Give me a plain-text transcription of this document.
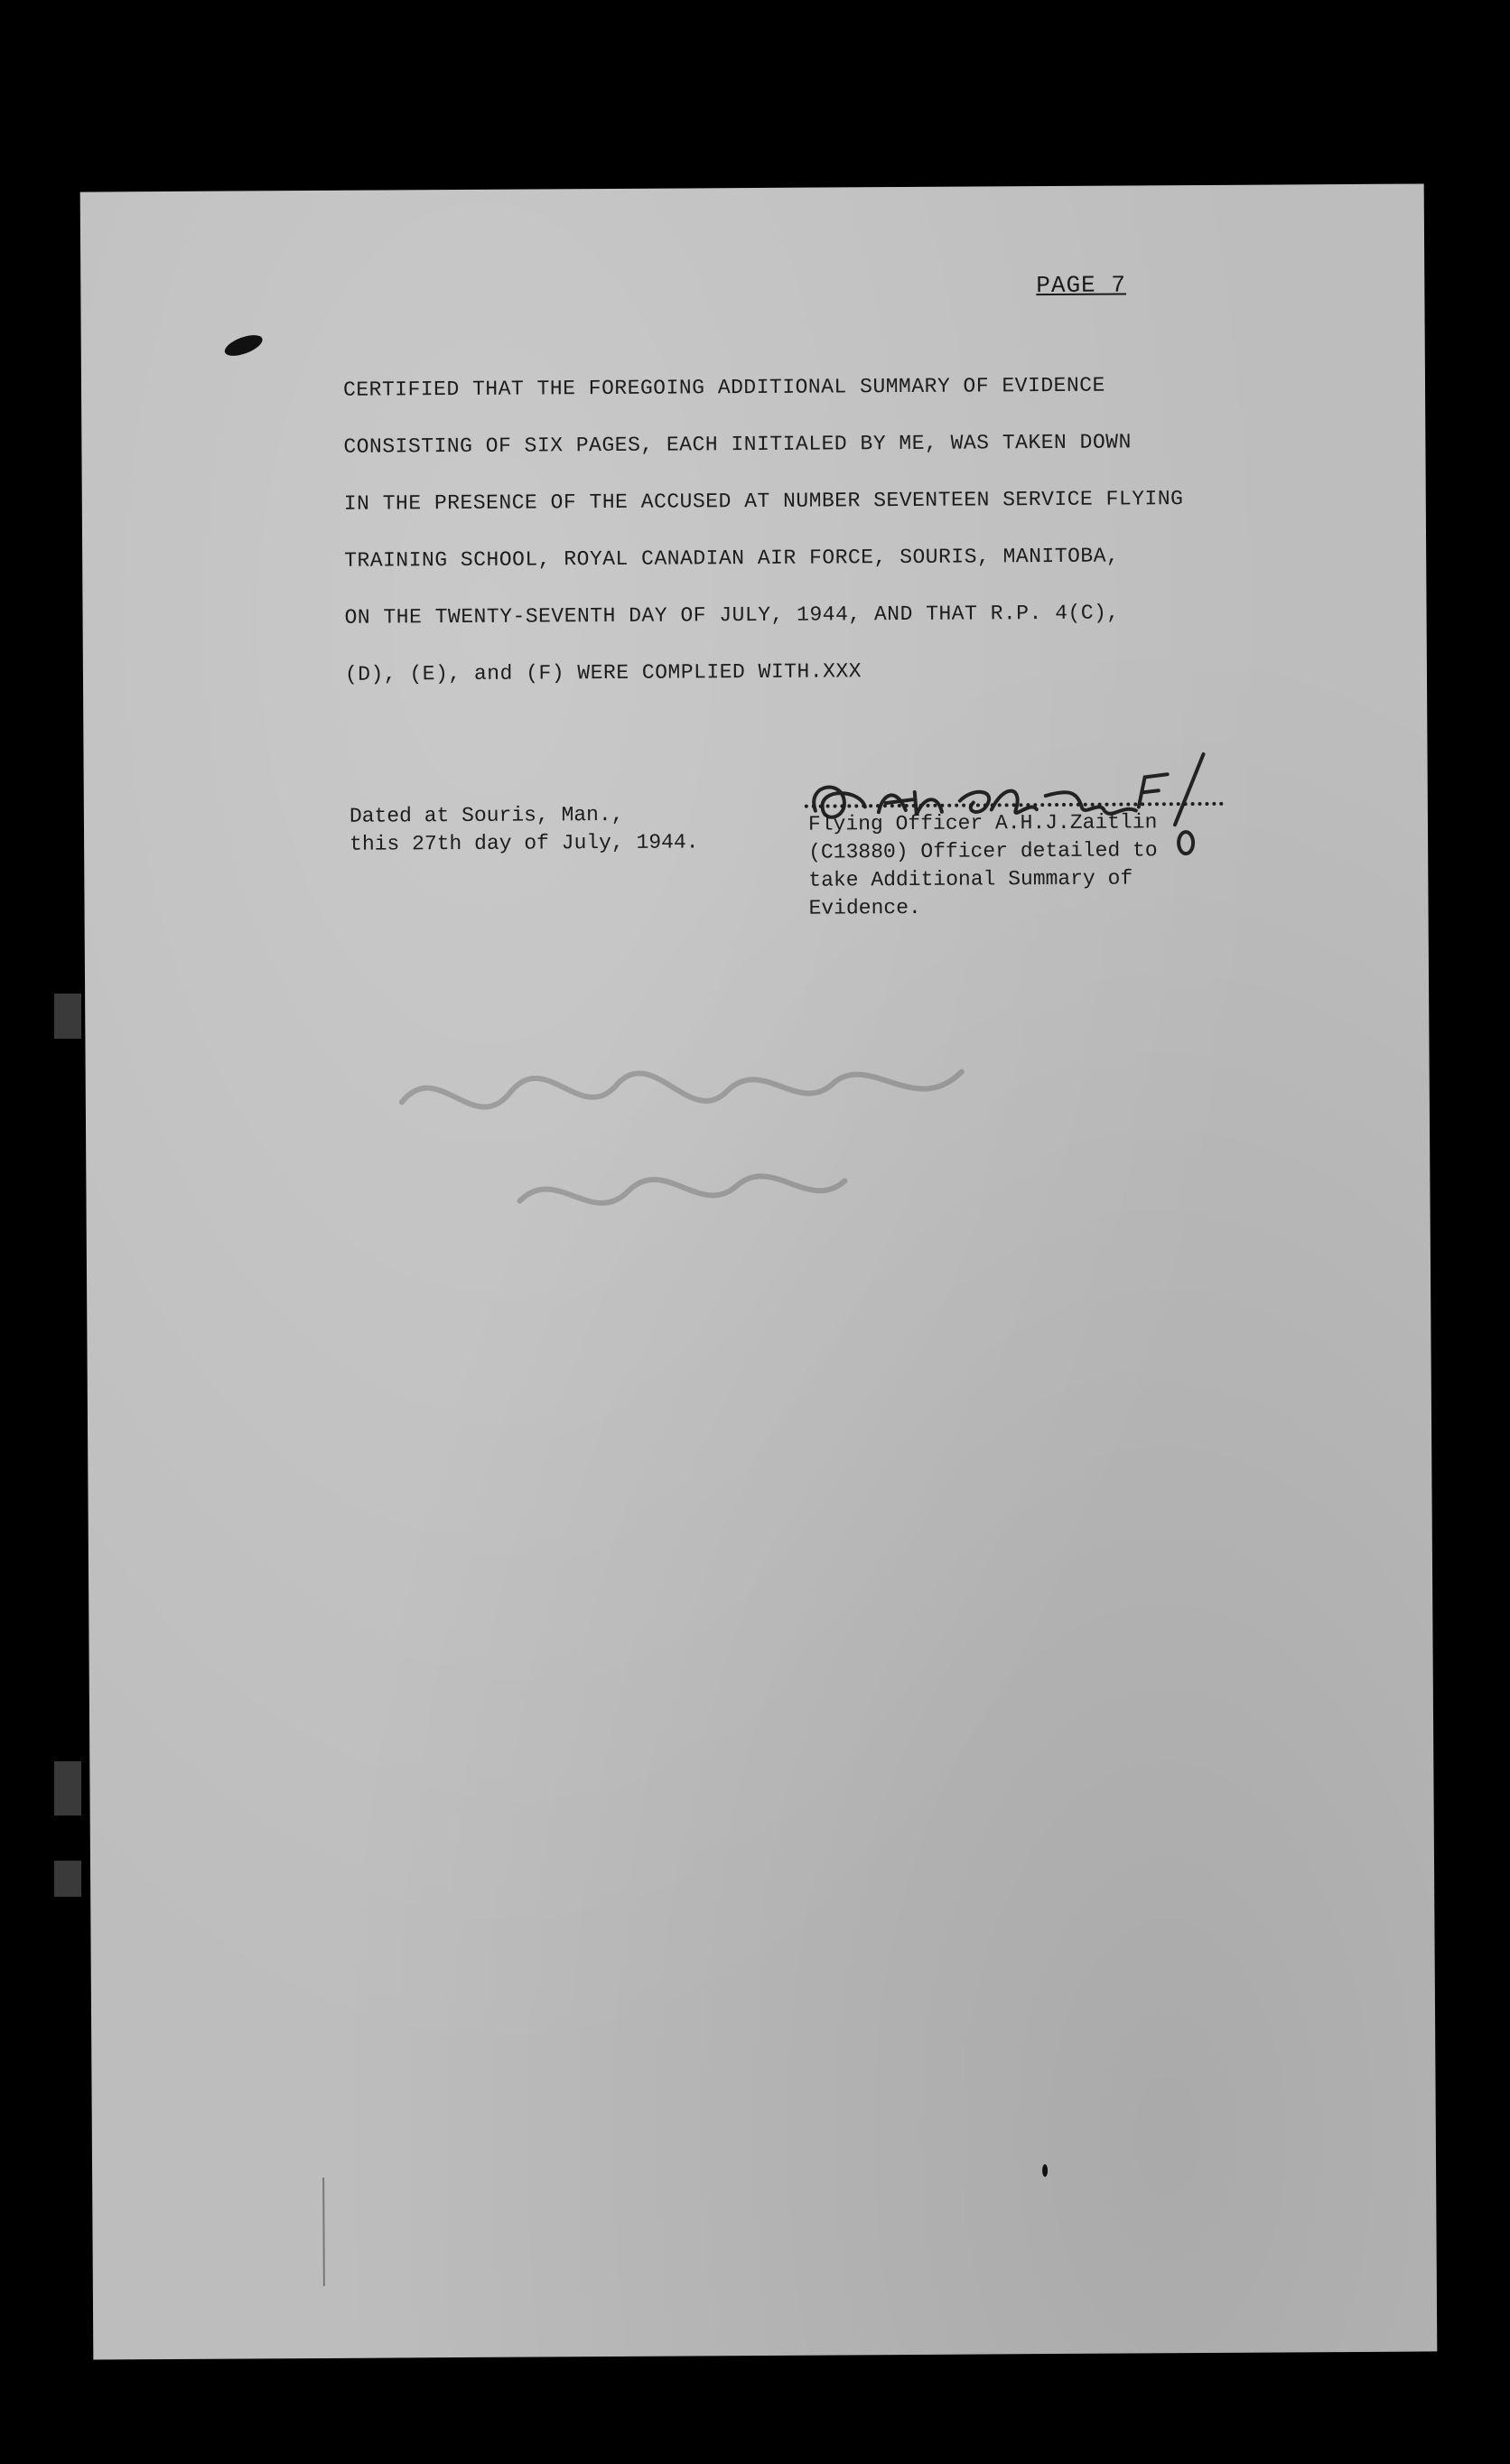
PAGE 7
CERTIFIED THAT THE FOREGOING ADDITIONAL SUMMARY OF EVIDENCE
CONSISTING OF SIX PAGES, EACH INITIALED BY ME, WAS TAKEN DOWN
IN THE PRESENCE OF THE ACCUSED AT NUMBER SEVENTEEN SERVICE FLYING
TRAINING SCHOOL, ROYAL CANADIAN AIR FORCE, SOURIS, MANITOBA,
ON THE TWENTY-SEVENTH DAY OF JULY, 1944, AND THAT R.P. 4(C),
(D), (E), and (F) WERE COMPLIED WITH.XXX
Dated at Souris, Man.,
this 27th day of July, 1944.
Flying Officer A.H.J.Zaitlin
(C13880) Officer detailed to
take Additional Summary of
Evidence.
